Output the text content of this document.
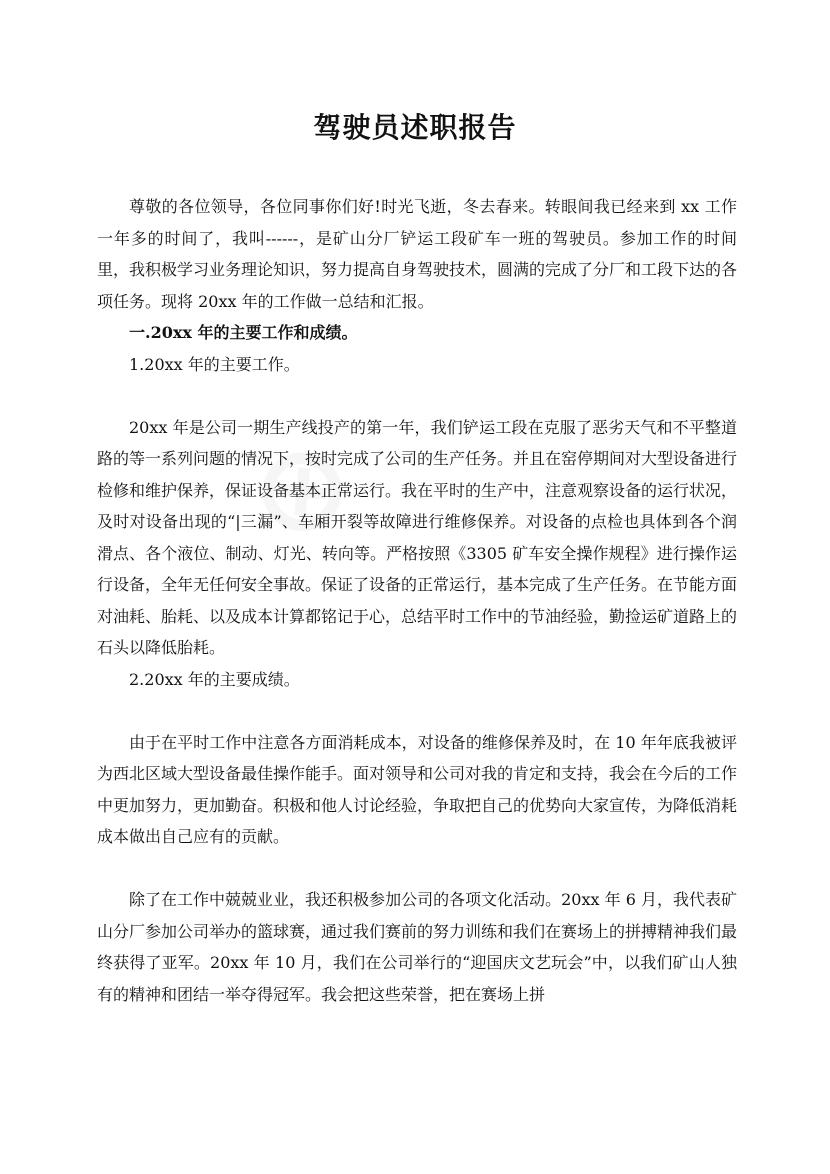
驾驶员述职报告

尊敬的各位领导，各位同事你们好!时光飞逝，冬去春来。转眼间我已经来到 xx 工作一年多的时间了，我叫------，是矿山分厂铲运工段矿车一班的驾驶员。参加工作的时间里，我积极学习业务理论知识，努力提高自身驾驶技术，圆满的完成了分厂和工段下达的各项任务。现将 20xx 年的工作做一总结和汇报。

一.20xx 年的主要工作和成绩。

1.20xx 年的主要工作。

20xx 年是公司一期生产线投产的第一年，我们铲运工段在克服了恶劣天气和不平整道路的等一系列问题的情况下，按时完成了公司的生产任务。并且在窑停期间对大型设备进行检修和维护保养，保证设备基本正常运行。我在平时的生产中，注意观察设备的运行状况，及时对设备出现的“|三漏”、车厢开裂等故障进行维修保养。对设备的点检也具体到各个润滑点、各个液位、制动、灯光、转向等。严格按照《3305 矿车安全操作规程》进行操作运行设备，全年无任何安全事故。保证了设备的正常运行，基本完成了生产任务。在节能方面对油耗、胎耗、以及成本计算都铭记于心，总结平时工作中的节油经验，勤捡运矿道路上的石头以降低胎耗。

2.20xx 年的主要成绩。

由于在平时工作中注意各方面消耗成本，对设备的维修保养及时，在 10 年年底我被评为西北区域大型设备最佳操作能手。面对领导和公司对我的肯定和支持，我会在今后的工作中更加努力，更加勤奋。积极和他人讨论经验，争取把自己的优势向大家宣传，为降低消耗成本做出自己应有的贡献。

除了在工作中兢兢业业，我还积极参加公司的各项文化活动。20xx 年 6 月，我代表矿山分厂参加公司举办的篮球赛，通过我们赛前的努力训练和我们在赛场上的拼搏精神我们最终获得了亚军。20xx 年 10 月，我们在公司举行的“迎国庆文艺玩会”中，以我们矿山人独有的精神和团结一举夺得冠军。我会把这些荣誉，把在赛场上拼
